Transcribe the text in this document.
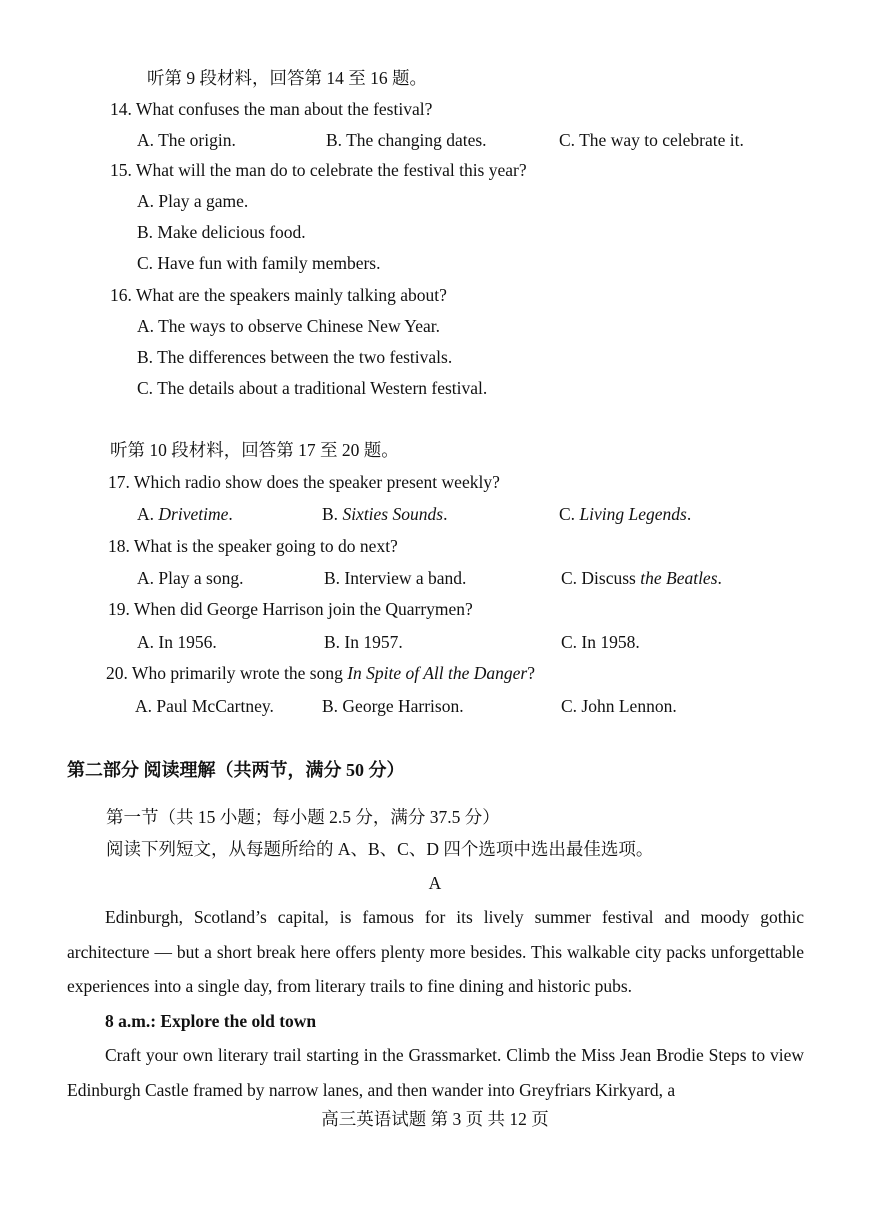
听第 9 段材料，回答第 14 至 16 题。
14. What confuses the man about the festival?
A. The origin.	B. The changing dates.	C. The way to celebrate it.
15. What will the man do to celebrate the festival this year?
A. Play a game.
B. Make delicious food.
C. Have fun with family members.
16. What are the speakers mainly talking about?
A. The ways to observe Chinese New Year.
B. The differences between the two festivals.
C. The details about a traditional Western festival.
听第 10 段材料，回答第 17 至 20 题。
17. Which radio show does the speaker present weekly?
A. Drivetime.	B. Sixties Sounds.	C. Living Legends.
18. What is the speaker going to do next?
A. Play a song.	B. Interview a band.	C. Discuss the Beatles.
19. When did George Harrison join the Quarrymen?
A. In 1956.	B. In 1957.	C. In 1958.
20. Who primarily wrote the song In Spite of All the Danger?
A. Paul McCartney.	B. George Harrison.	C. John Lennon.
第二部分 阅读理解（共两节，满分 50 分）
第一节（共 15 小题；每小题 2.5 分，满分 37.5 分）
阅读下列短文，从每题所给的 A、B、C、D 四个选项中选出最佳选项。
A

Edinburgh, Scotland’s capital, is famous for its lively summer festival and moody gothic architecture — but a short break here offers plenty more besides. This walkable city packs unforgettable experiences into a single day, from literary trails to fine dining and historic pubs.

8 a.m.: Explore the old town

Craft your own literary trail starting in the Grassmarket. Climb the Miss Jean Brodie Steps to view Edinburgh Castle framed by narrow lanes, and then wander into Greyfriars Kirkyard, a

高三英语试题 第 3 页 共 12 页
